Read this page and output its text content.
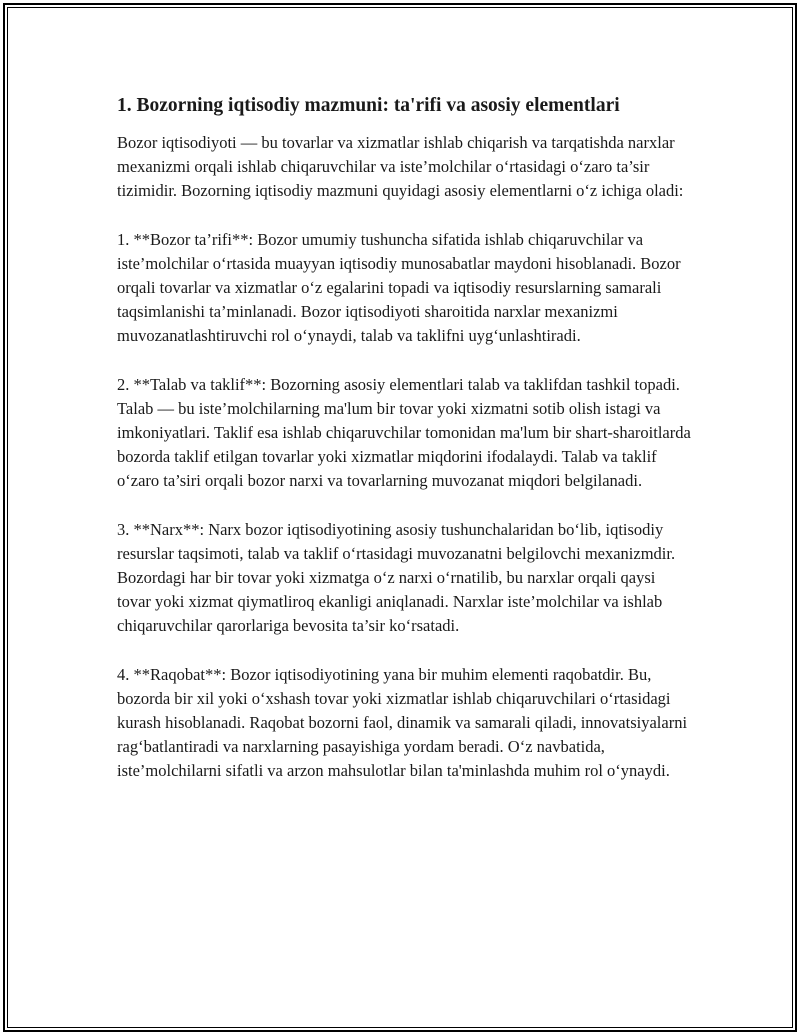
1. Bozorning iqtisodiy mazmuni: ta'rifi va asosiy elementlari

Bozor iqtisodiyoti — bu tovarlar va xizmatlar ishlab chiqarish va tarqatishda narxlar mexanizmi orqali ishlab chiqaruvchilar va iste’molchilar o‘rtasidagi o‘zaro ta’sir tizimidir. Bozorning iqtisodiy mazmuni quyidagi asosiy elementlarni o‘z ichiga oladi:

1. **Bozor ta’rifi**: Bozor umumiy tushuncha sifatida ishlab chiqaruvchilar va iste’molchilar o‘rtasida muayyan iqtisodiy munosabatlar maydoni hisoblanadi. Bozor orqali tovarlar va xizmatlar o‘z egalarini topadi va iqtisodiy resurslarning samarali taqsimlanishi ta’minlanadi. Bozor iqtisodiyoti sharoitida narxlar mexanizmi muvozanatlashtiruvchi rol o‘ynaydi, talab va taklifni uyg‘unlashtiradi.

2. **Talab va taklif**: Bozorning asosiy elementlari talab va taklifdan tashkil topadi. Talab — bu iste’molchilarning ma'lum bir tovar yoki xizmatni sotib olish istagi va imkoniyatlari. Taklif esa ishlab chiqaruvchilar tomonidan ma'lum bir shart-sharoitlarda bozorda taklif etilgan tovarlar yoki xizmatlar miqdorini ifodalaydi. Talab va taklif o‘zaro ta’siri orqali bozor narxi va tovarlarning muvozanat miqdori belgilanadi.

3. **Narx**: Narx bozor iqtisodiyotining asosiy tushunchalaridan bo‘lib, iqtisodiy resurslar taqsimoti, talab va taklif o‘rtasidagi muvozanatni belgilovchi mexanizmdir. Bozordagi har bir tovar yoki xizmatga o‘z narxi o‘rnatilib, bu narxlar orqali qaysi tovar yoki xizmat qiymatliroq ekanligi aniqlanadi. Narxlar iste’molchilar va ishlab chiqaruvchilar qarorlariga bevosita ta’sir ko‘rsatadi.

4. **Raqobat**: Bozor iqtisodiyotining yana bir muhim elementi raqobatdir. Bu, bozorda bir xil yoki o‘xshash tovar yoki xizmatlar ishlab chiqaruvchilari o‘rtasidagi kurash hisoblanadi. Raqobat bozorni faol, dinamik va samarali qiladi, innovatsiyalarni rag‘batlantiradi va narxlarning pasayishiga yordam beradi. O‘z navbatida, iste’molchilarni sifatli va arzon mahsulotlar bilan ta'minlashda muhim rol o‘ynaydi.
